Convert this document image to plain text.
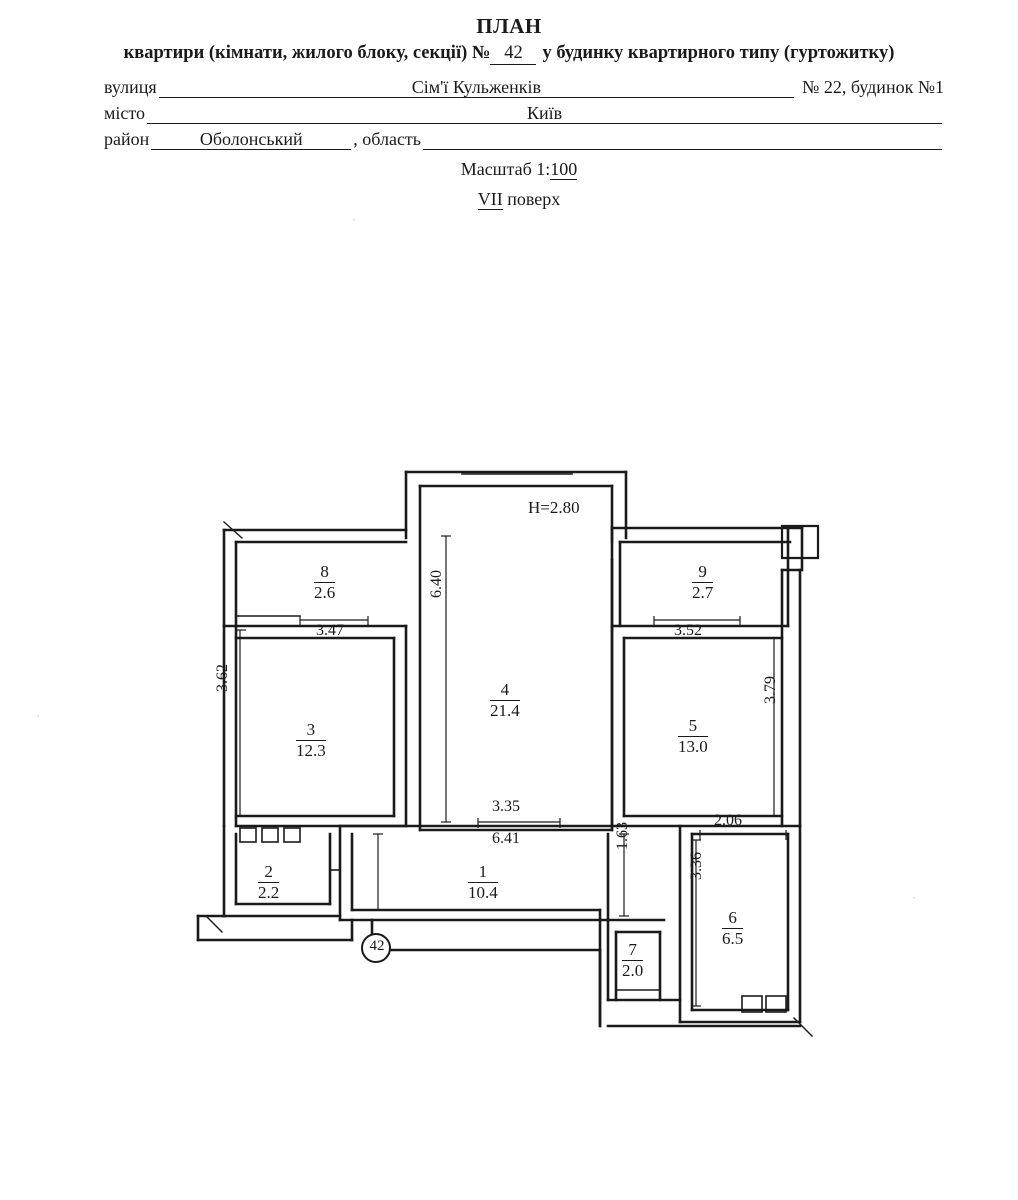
ПЛАН
квартири (кімнати, жилого блоку, секції) № 42 у будинку квартирного типу (гуртожитку)
вулиця	Сім'ї Кульженків	№ 22, будинок №1
місто	Київ
район	Оболонський	, область
Масштаб 1:100
VII поверх
·
·
·
H=2.80
8
2.6
9
2.7
3
12.3
4
21.4
5
13.0
2
2.2
1
10.4
7
2.0
6
6.5
3.47
3.62
6.40
3.52
3.79
3.35
6.41	1.63
2.06
3.36
42
